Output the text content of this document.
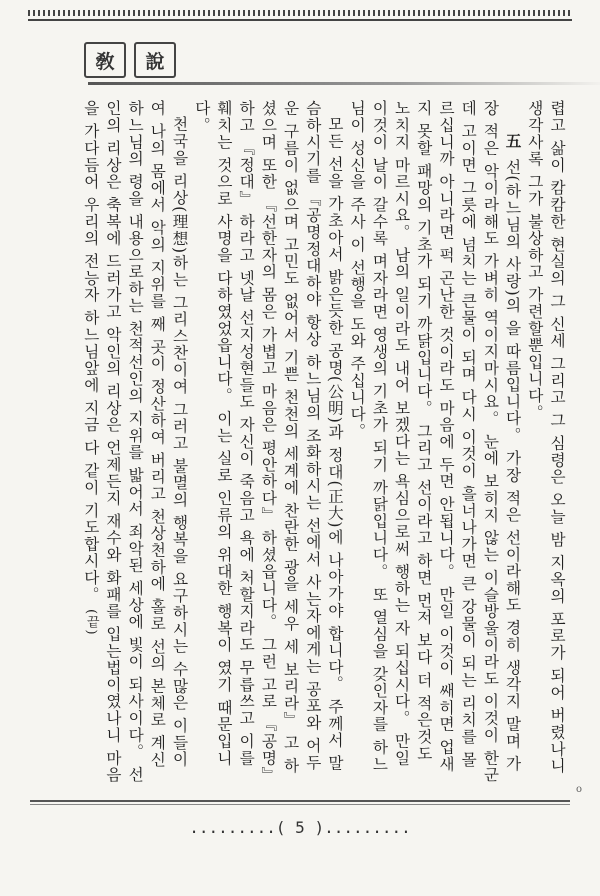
敎	說

렵고 삶이 캄캄한 현실의 그 신세 그리고 그 심령은 오늘 밤 지옥의 포로가 되어 버렸나니 생각사록 그가 불상하고 가련할뿐입니다。

五 선(하느님의 사랑)의 을 따름입니다。 가장 적은 선이라해도 경히 생각지 말며 가장 적은 악이라해도 가벼히 역이지마시요。 눈에 보히지 않는 이슬방울이라도 이것이 한군데 고이면 그릇에 넘치는 큰물이 되며 다시 이것이 흘너나가면 큰 강물이 되는 리치를 몰르십니까 아니라면 퍽 곤난한 것이라도 마음에 두면 안됩니다。 만일 이것이 쌔히면 업새지 못할 패망의 기초가 되기 까닭입니다。 그리고 선이라고 하면 먼저 보다 더 적은것도 노치지 마르시요。 남의 일이라도 내어 보겠다는 욕심으로써 행하는 자 되십시다。 만일 이것이 날이 갈수록 며자라면 영생의 기초가 되기 까닭입니다。 또 열심을 갖인자를 하느님이 성신을 주사 이 선행을 도와 주십니다。

모든 선을 가초아서 밝은듯한 공명(公明)과 정대(正大)에 나아가야 합니다。 주께서 말슴하시기를 『공명정대하야 항상 하느님의 조화하시는 선에서 사는자에게는 공포와 어두운 구름이 없으며 고민도 없어서 기쁜 천천의 세계에 찬란한 광을 세우 세 보리라』 고 하셨으며 또한 『선한자의 몸은 가볍고 마음은 평안하다』 하셨읍니다。 그런 고로 『공명』 하고 『정대』 하라고 넷날 선지성현들도 자신이 죽음고 욕에 처할지라도 무릅쓰고 이를 훼치는 것으로 사명을 다하였었읍니다。 이는 실로 인류의 위대한 행복이 였기 때문입니다。

천국을 리상(理想)하는 그리스찬이여 그러고 불멸의 행복을 요구하시는 수많은 이들이여 나의 몸에서 악의 지위를 째 곳이 정산하여 버리고 천상천하에 홀로 선의 본체로 계신 하느님의 령을 내용으로하는 천적선인의 지위를 밟어서 죄악된 세상에 빛이 되사이다。 선인의 리상은 축복에 드러가고 악인의 리상은 언제든지 재수와 화패를 입는법이였나니 마음을 가다듬어 우리의 전능자 하느님앞에 지금 다 같이 기도합시다。 (끝)

o
.........( 5 ).........
